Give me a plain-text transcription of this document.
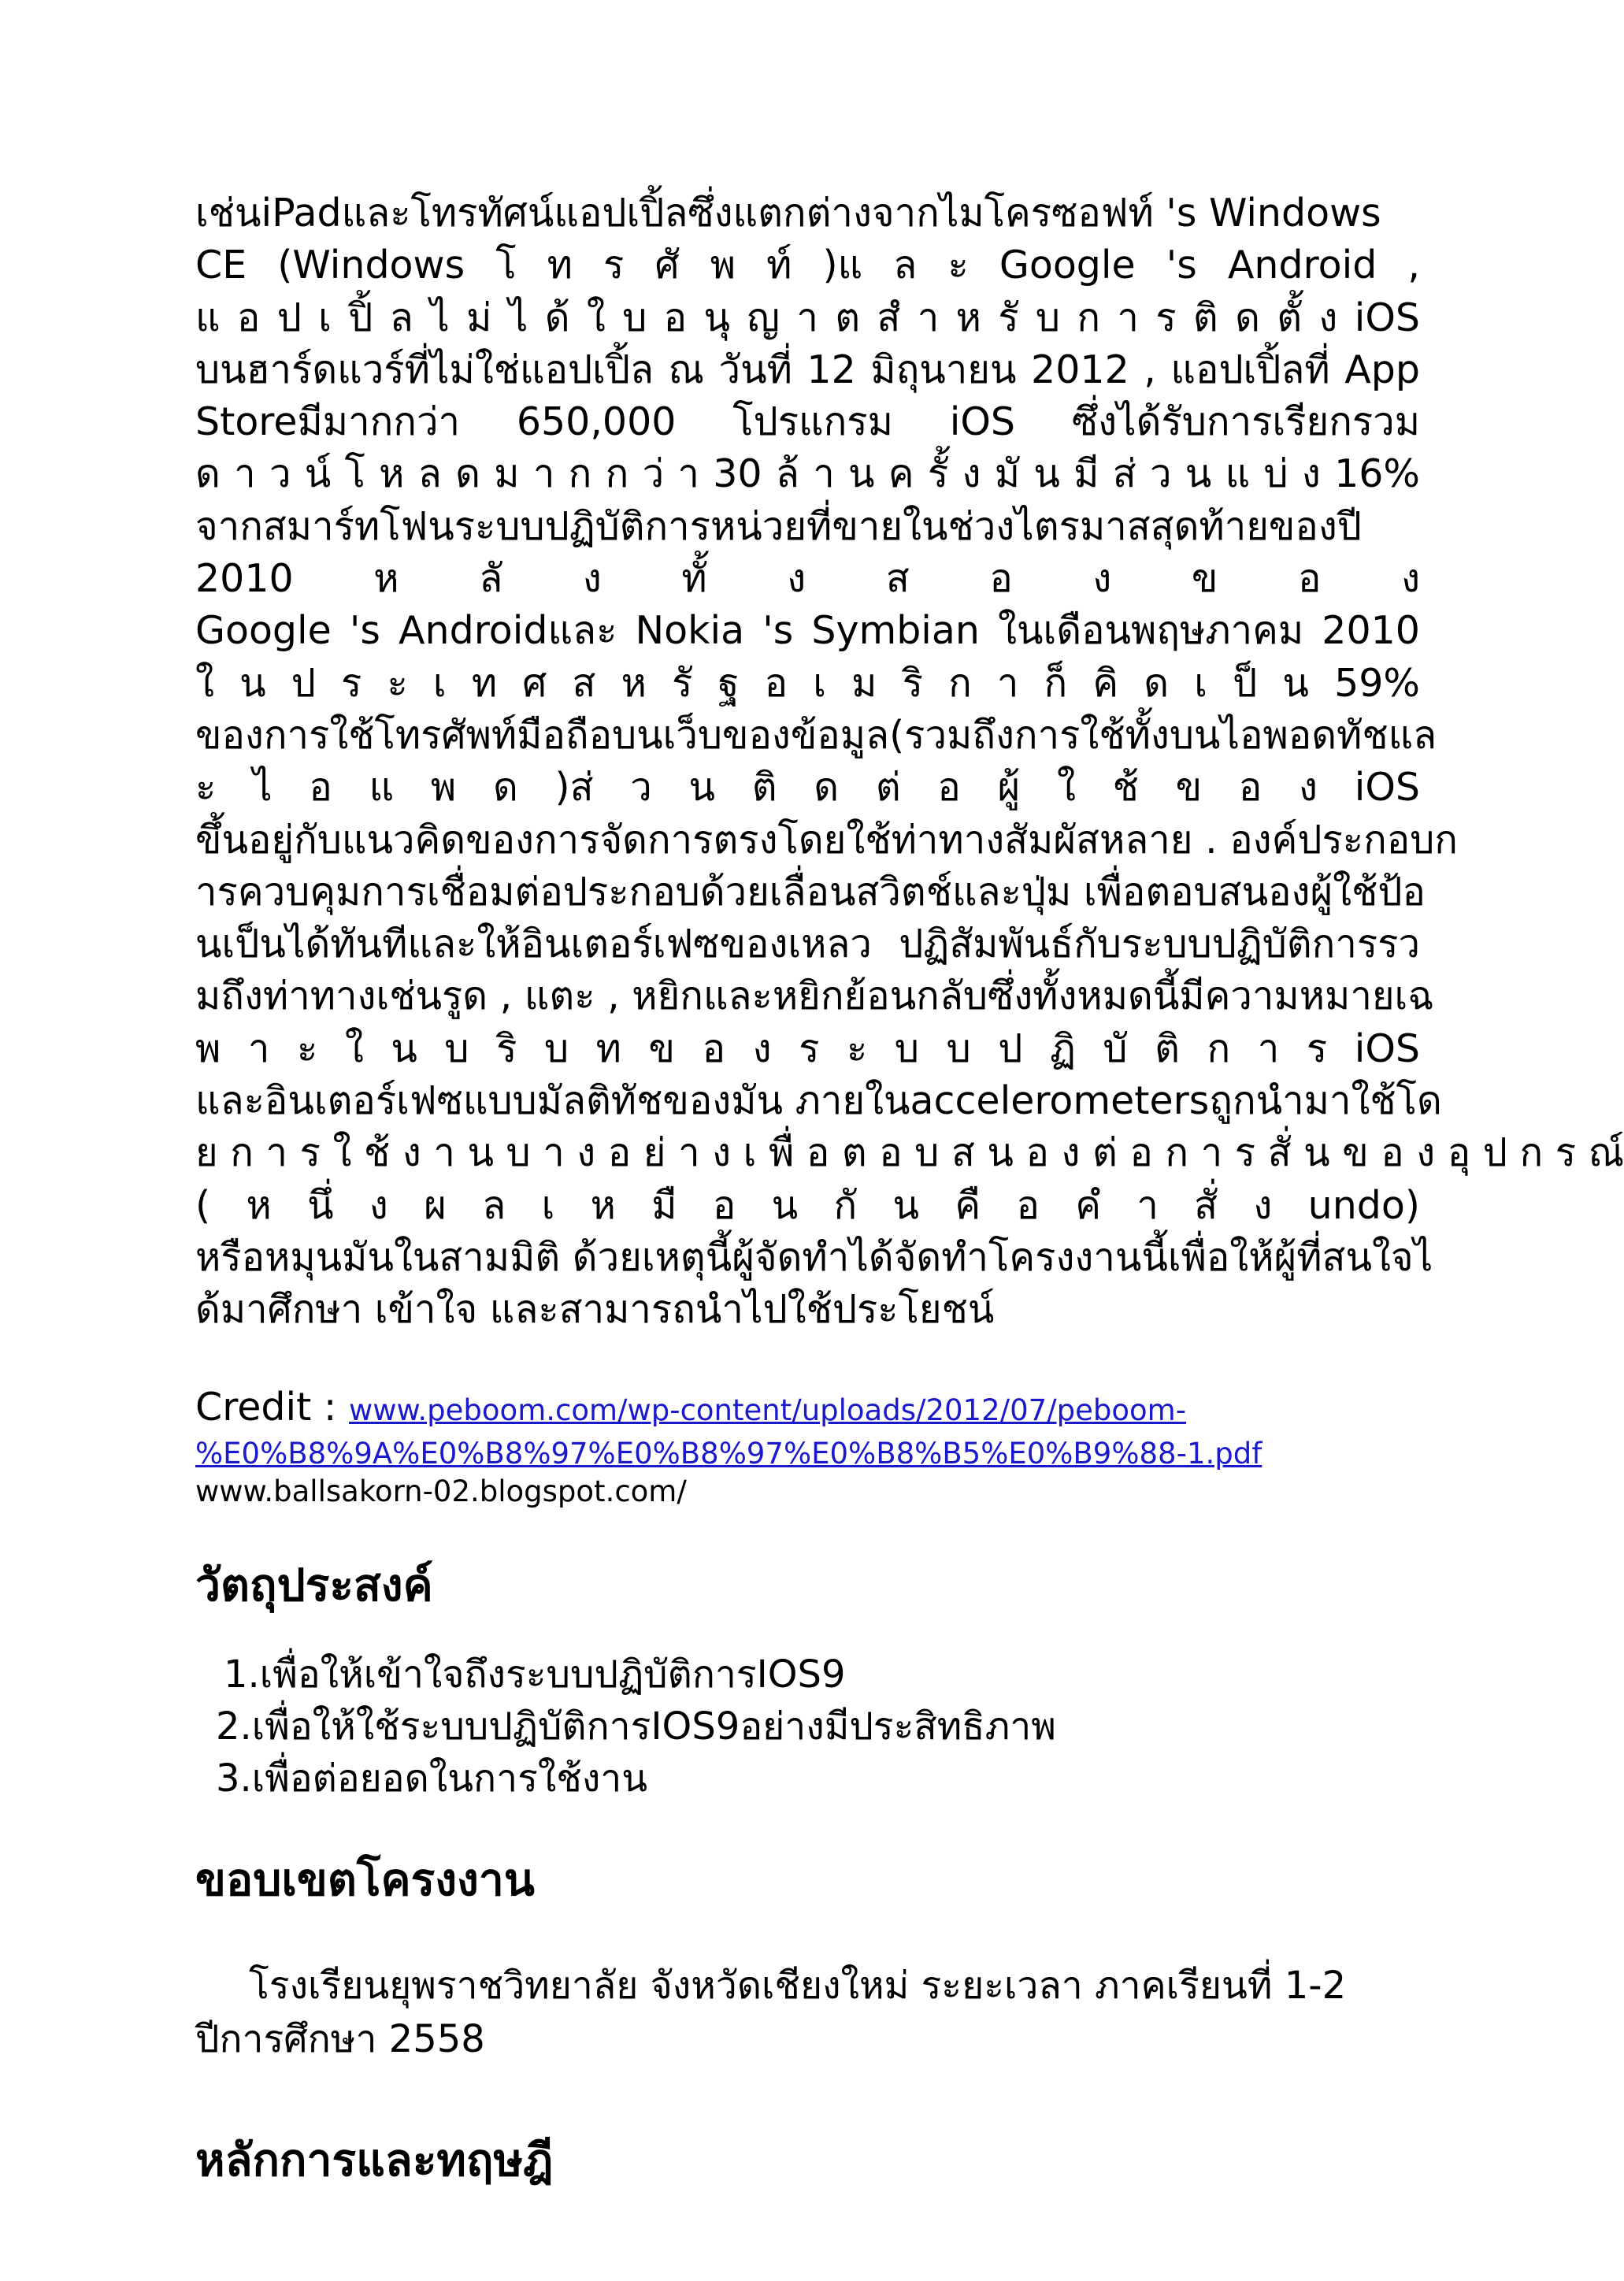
เช่นiPadและโทรทัศน์แอปเปิ้ลซึ่งแตกต่างจากไมโครซอฟท์ 's Windows

CE (Windows โ ท ร ศั พ ท์ )แ ล ะ Google 's Android ,

แ อ ป เ ปิ้ ล ไ ม่ ไ ด้ ใ บ อ นุ ญ า ต สํ า ห รั บ ก า ร ติ ด ตั้ ง iOS

บนฮาร์ดแวร์ที่ไม่ใช่แอปเปิ้ล ณ วันที่ 12 มิถุนายน 2012 , แอปเปิ้ลที่ App

Storeมีมากกว่า 650,000 โปรแกรม iOS ซึ่งได้รับการเรียกรวม

ด า ว น์ โ ห ล ด ม า ก ก ว่ า 30 ล้ า น ค รั้ ง มั น มี ส่ ว น แ บ่ ง 16%

จากสมาร์ทโฟนระบบปฏิบัติการหน่วยที่ขายในช่วงไตรมาสสุดท้ายของปี

2010 ห ลั ง ทั้ ง ส อ ง ข อ ง

Google 's Androidและ Nokia 's Symbian ในเดือนพฤษภาคม 2010

ใ น ป ร ะ เ ท ศ ส ห รั ฐ อ เ ม ริ ก า ก็ คิ ด เ ป็ น 59%

ของการใช้โทรศัพท์มือถือบนเว็บของข้อมูล(รวมถึงการใช้ทั้งบนไอพอดทัชแล

ะ ไ อ แ พ ด )ส่ ว น ติ ด ต่ อ ผู้ ใ ช้ ข อ ง iOS

ขึ้นอยู่กับแนวคิดของการจัดการตรงโดยใช้ท่าทางสัมผัสหลาย . องค์ประกอบก

ารควบคุมการเชื่อมต่อประกอบด้วยเลื่อนสวิตช์และปุ่ม เพื่อตอบสนองผู้ใช้ป้อ

นเป็นได้ทันทีและให้อินเตอร์เฟซของเหลว ปฏิสัมพันธ์กับระบบปฏิบัติการรว

มถึงท่าทางเช่นรูด , แตะ , หยิกและหยิกย้อนกลับซึ่งทั้งหมดนี้มีความหมายเฉ

พ า ะ ใ น บ ริ บ ท ข อ ง ร ะ บ บ ป ฏิ บั ติ ก า ร iOS

และอินเตอร์เฟซแบบมัลติทัชของมัน ภายในaccelerometersถูกนํามาใช้โด

ย ก า ร ใ ช้ ง า น บ า ง อ ย่ า ง เ พื่ อ ต อ บ ส น อ ง ต่ อ ก า ร สั่ น ข อ ง อุ ป ก ร ณ์

( ห นึ่ ง ผ ล เ ห มื อ น กั น คื อ คํ า สั่ ง undo)

หรือหมุนมันในสามมิติ ด้วยเหตุนี้ผู้จัดทําได้จัดทําโครงงานนี้เพื่อให้ผู้ที่สนใจไ

ด้มาศึกษา เข้าใจ และสามารถนําไปใช้ประโยชน์

Credit : www.peboom.com/wp-content/uploads/2012/07/peboom-
%E0%B8%9A%E0%B8%97%E0%B8%97%E0%B8%B5%E0%B9%88-1.pdf
www.ballsakorn-02.blogspot.com/
วัตถุประสงค์
1.เพื่อให้เข้าใจถึงระบบปฏิบัติการIOS9
2.เพื่อให้ใช้ระบบปฏิบัติการIOS9อย่างมีประสิทธิภาพ
3.เพื่อต่อยอดในการใช้งาน
ขอบเขตโครงงาน

โรงเรียนยุพราชวิทยาลัย จังหวัดเชียงใหม่ ระยะเวลา ภาคเรียนที่ 1-2

ปีการศึกษา 2558

หลักการและทฤษฎี
